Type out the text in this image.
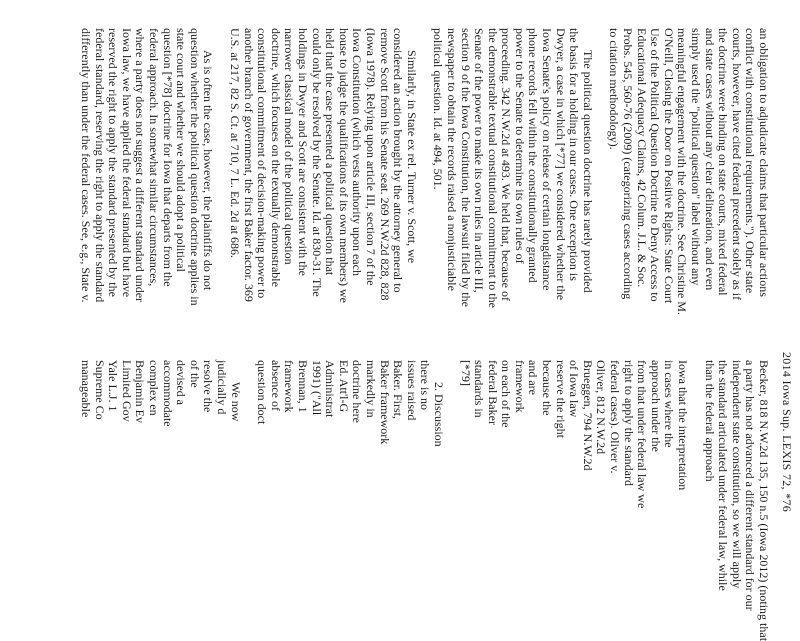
2014 Iowa Sup. LEXIS 72, *76
an obligation to adjudicate claims that particular actions
conflict with constitutional requirements."). Other state
courts, however, have cited federal precedent solely as if
the doctrine were binding on state courts, mixed federal
and state cases without any clear delineation, and even
simply used the "political question" label without any
meaningful engagement with the doctrine. See Christine M.
O'Neill, Closing the Door on Positive Rights: State Court
Use of the Political Question Doctrine to Deny Access to
Educational Adequacy Claims, 42 Colum. J.L. & Soc.
Probs. 545, 560-76 (2009) (categorizing cases according
to citation methodology).
The political question doctrine has rarely provided
the basis for a holding in our cases. One exception is
Dwyer, a case in which [*77] we considered whether the
Iowa Senate's policy on release of certain longdistance
phone records fell within the constitutionally granted
power to the Senate to determine its own rules of
proceeding. 342 N.W.2d at 493. We held that, because of
the demonstrable textual constitutional commitment to the
Senate of the power to make its own rules in article III,
section 9 of the Iowa Constitution, the lawsuit filed by the
newspaper to obtain the records raised a nonjusticiable
political question. Id. at 494, 501.
Similarly, in State ex rel. Turner v. Scott, we
considered an action brought by the attorney general to
remove Scott from his Senate seat. 269 N.W.2d 828, 828
(Iowa 1978). Relying upon article III, section 7 of the
Iowa Constitution (which vests authority upon each
house to judge the qualifications of its own members) we
held that the case presented a political question that
could only be resolved by the Senate. Id. at 830-31. The
holdings in Dwyer and Scott are consistent with the
narrower classical model of the political question
doctrine, which focuses on the textually demonstrable
constitutional commitment of decision-making power to
another branch of government, the first Baker factor. 369
U.S. at 217, 82 S. Ct. at 710, 7 L. Ed. 2d at 686.
As is often the case, however, the plaintiffs do not
question whether the political question doctrine applies in
state court and whether we should adopt a political
question [*78] doctrine for Iowa that departs from the
federal approach. In somewhat similar circumstances,
where a party does not suggest a different standard under
Iowa law, we have applied the federal standard but have
reserved the right to apply the standard presented by the
federal standard, reserving the right to apply the standard
differently than under the federal cases. See, e.g., State v.
Becker, 818 N.W.2d 135, 150 n.5 (Iowa 2012) (noting that
a party has not advanced a different standard for our
independent state constitution, so we will apply
the standard articulated under federal law, while
than the federal approach
Iowa that the interpretation
in cases where the
approach under the
from that under federal law we
right to apply the standard
federal cases). Oliver v.
Oliver, 812 N.W.2d
Brueggen, 794 N.W.2d
of Iowa law
reserve the right
because the
and are
framework
on each of the
federal Baker
standards in
[*79]
2. Discussion
there is no
issues raised
Baker. First,
Baker framework
markedly in
doctrine here
Ed. Att'l-G
Administrat
1991) ("All
Brennan, 1
framework
absence of
question doct
We now
judicially d
resolve the
of the
devised a
accommodate
complex en
Benjamin Ev
Limited Gov
Yale L.J. 1
Supreme Co
manageable
